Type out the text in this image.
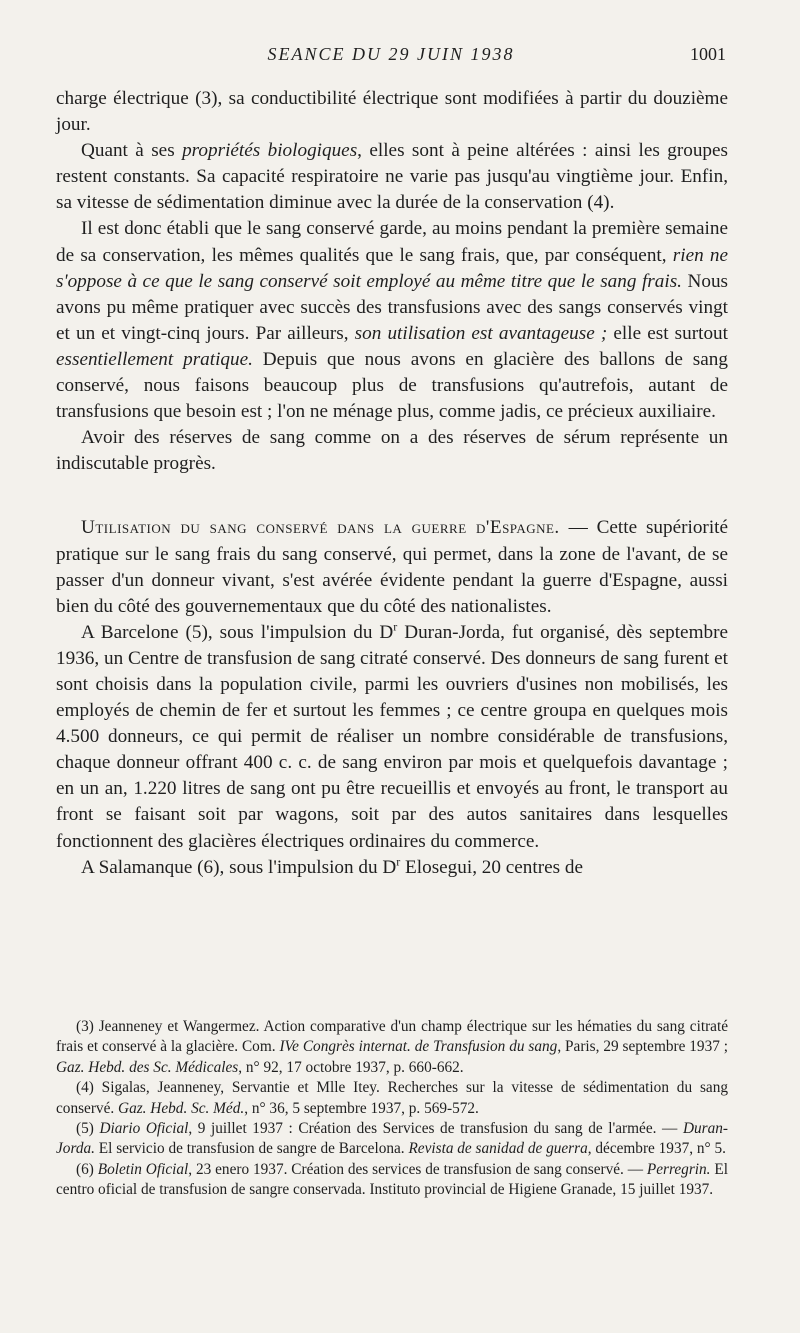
SEANCE DU 29 JUIN 1938	1001

charge électrique (3), sa conductibilité électrique sont modifiées à partir du douzième jour.

Quant à ses propriétés biologiques, elles sont à peine altérées : ainsi les groupes restent constants. Sa capacité respiratoire ne varie pas jusqu'au vingtième jour. Enfin, sa vitesse de sédimentation diminue avec la durée de la conservation (4).

Il est donc établi que le sang conservé garde, au moins pendant la première semaine de sa conservation, les mêmes qualités que le sang frais, que, par conséquent, rien ne s'oppose à ce que le sang conservé soit employé au même titre que le sang frais. Nous avons pu même pratiquer avec succès des transfusions avec des sangs conservés vingt et un et vingt-cinq jours. Par ailleurs, son utilisation est avantageuse ; elle est surtout essentiellement pratique. Depuis que nous avons en glacière des ballons de sang conservé, nous faisons beaucoup plus de transfusions qu'autrefois, autant de transfusions que besoin est ; l'on ne ménage plus, comme jadis, ce précieux auxiliaire.

Avoir des réserves de sang comme on a des réserves de sérum représente un indiscutable progrès.

Utilisation du sang conservé dans la guerre d'Espagne. — Cette supériorité pratique sur le sang frais du sang conservé, qui permet, dans la zone de l'avant, de se passer d'un donneur vivant, s'est avérée évidente pendant la guerre d'Espagne, aussi bien du côté des gouvernementaux que du côté des nationalistes.

A Barcelone (5), sous l'impulsion du $D^r$ Duran-Jorda, fut organisé, dès septembre 1936, un Centre de transfusion de sang citraté conservé. Des donneurs de sang furent et sont choisis dans la population civile, parmi les ouvriers d'usines non mobilisés, les employés de chemin de fer et surtout les femmes ; ce centre groupa en quelques mois 4.500 donneurs, ce qui permit de réaliser un nombre considérable de transfusions, chaque donneur offrant 400 c. c. de sang environ par mois et quelquefois davantage ; en un an, 1.220 litres de sang ont pu être recueillis et envoyés au front, le transport au front se faisant soit par wagons, soit par des autos sanitaires dans lesquelles fonctionnent des glacières électriques ordinaires du commerce.

A Salamanque (6), sous l'impulsion du $D^r$ Elosegui, 20 centres de

(3) Jeanneney et Wangermez. Action comparative d'un champ électrique sur les hématies du sang citraté frais et conservé à la glacière. Com. IVe Congrès internat. de Transfusion du sang, Paris, 29 septembre 1937 ; Gaz. Hebd. des Sc. Médicales, n° 92, 17 octobre 1937, p. 660-662.

(4) Sigalas, Jeanneney, Servantie et Mlle Itey. Recherches sur la vitesse de sédimentation du sang conservé. Gaz. Hebd. Sc. Méd., n° 36, 5 septembre 1937, p. 569-572.

(5) Diario Oficial, 9 juillet 1937 : Création des Services de transfusion du sang de l'armée. — Duran-Jorda. El servicio de transfusion de sangre de Barcelona. Revista de sanidad de guerra, décembre 1937, n° 5.

(6) Boletin Oficial, 23 enero 1937. Création des services de transfusion de sang conservé. — Perregrin. El centro oficial de transfusion de sangre conservada. Instituto provincial de Higiene Granade, 15 juillet 1937.
